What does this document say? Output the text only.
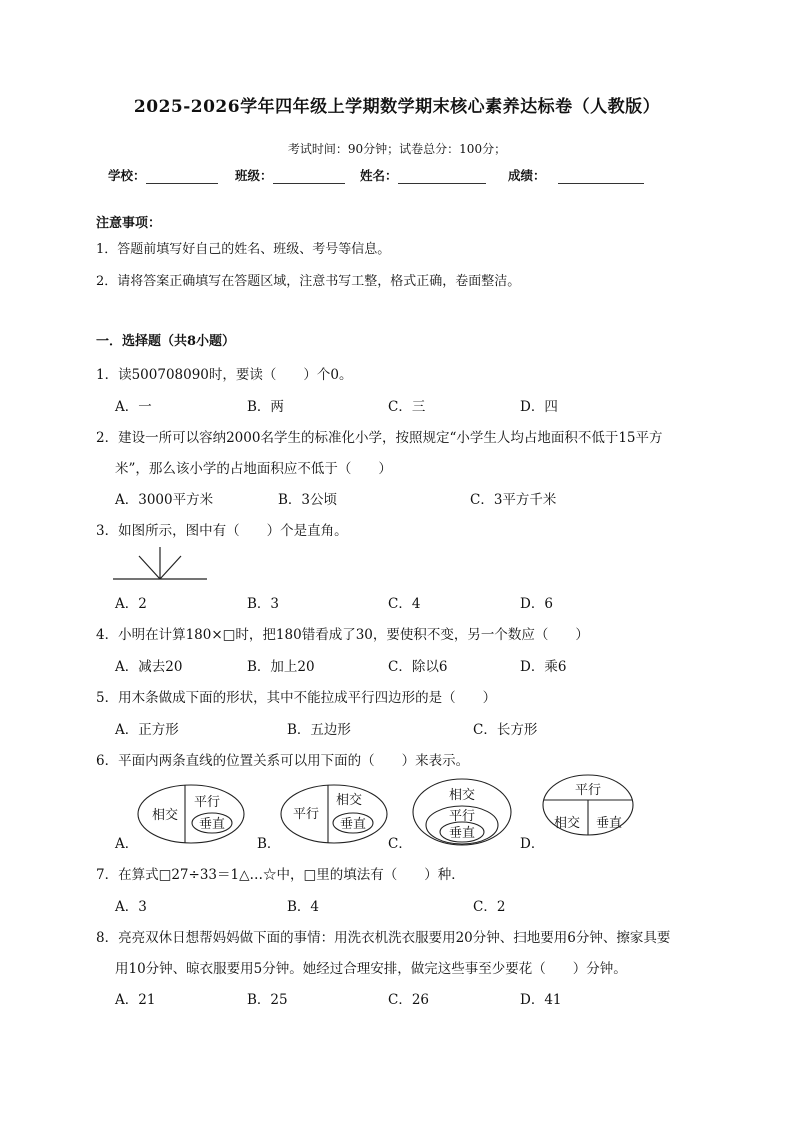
2025-2026学年四年级上学期数学期末核心素养达标卷（人教版）
考试时间：90分钟；试卷总分：100分；
学校：	班级：	姓名：	成绩：
注意事项：
1．答题前填写好自己的姓名、班级、考号等信息。
2．请将答案正确填写在答题区域，注意书写工整，格式正确，卷面整洁。
一．选择题（共8小题）
1．读500708090时，要读（　　）个0。
A．一	B．两	C．三	D．四
2．建设一所可以容纳2000名学生的标准化小学，按照规定“小学生人均占地面积不低于15平方
米”，那么该小学的占地面积应不低于（　　）
A．3000平方米	B．3公顷	C．3平方千米
3．如图所示，图中有（　　）个是直角。
A．2	B．3	C．4	D．6
4．小明在计算180×□时，把180错看成了30，要使积不变，另一个数应（　　）
A．减去20	B．加上20	C．除以6	D．乘6
5．用木条做成下面的形状，其中不能拉成平行四边形的是（　　）
A．正方形	B．五边形	C．长方形
6．平面内两条直线的位置关系可以用下面的（　　）来表示。
相交
平行
垂直
平行
相交
垂直
相交
平行
垂直
平行
相交 垂直
A．	B．	C．	D．
7．在算式□27÷33＝1△…☆中，□里的填法有（　　）种．
A．3	B．4	C．2
8．亮亮双休日想帮妈妈做下面的事情：用洗衣机洗衣服要用20分钟、扫地要用6分钟、擦家具要
用10分钟、晾衣服要用5分钟。她经过合理安排，做完这些事至少要花（　　）分钟。
A．21	B．25	C．26	D．41
